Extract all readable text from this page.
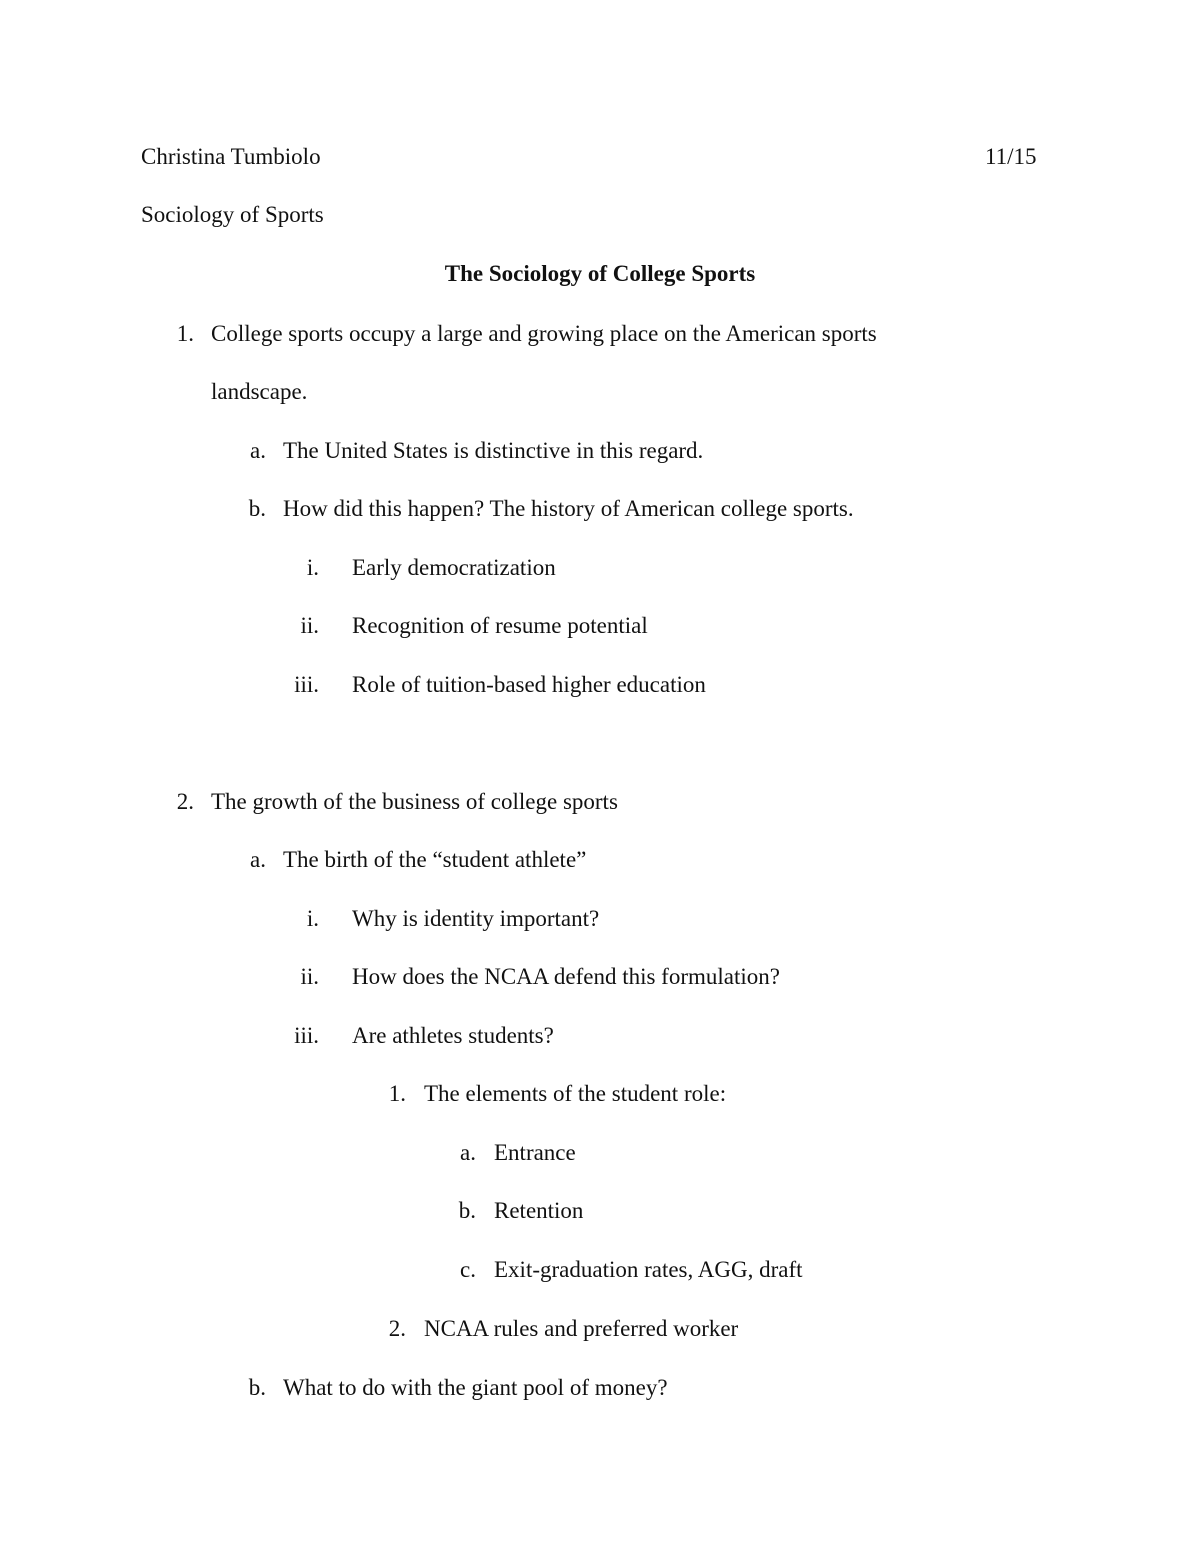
Christina Tumbiolo	11/15
Sociology of Sports
The Sociology of College Sports
1. College sports occupy a large and growing place on the American sports
landscape.
a. The United States is distinctive in this regard.
b. How did this happen? The history of American college sports.
i. Early democratization
ii. Recognition of resume potential
iii. Role of tuition-based higher education
2. The growth of the business of college sports
a. The birth of the “student athlete”
i. Why is identity important?
ii. How does the NCAA defend this formulation?
iii. Are athletes students?
1. The elements of the student role:
a. Entrance
b. Retention
c. Exit-graduation rates, AGG, draft
2. NCAA rules and preferred worker
b. What to do with the giant pool of money?
